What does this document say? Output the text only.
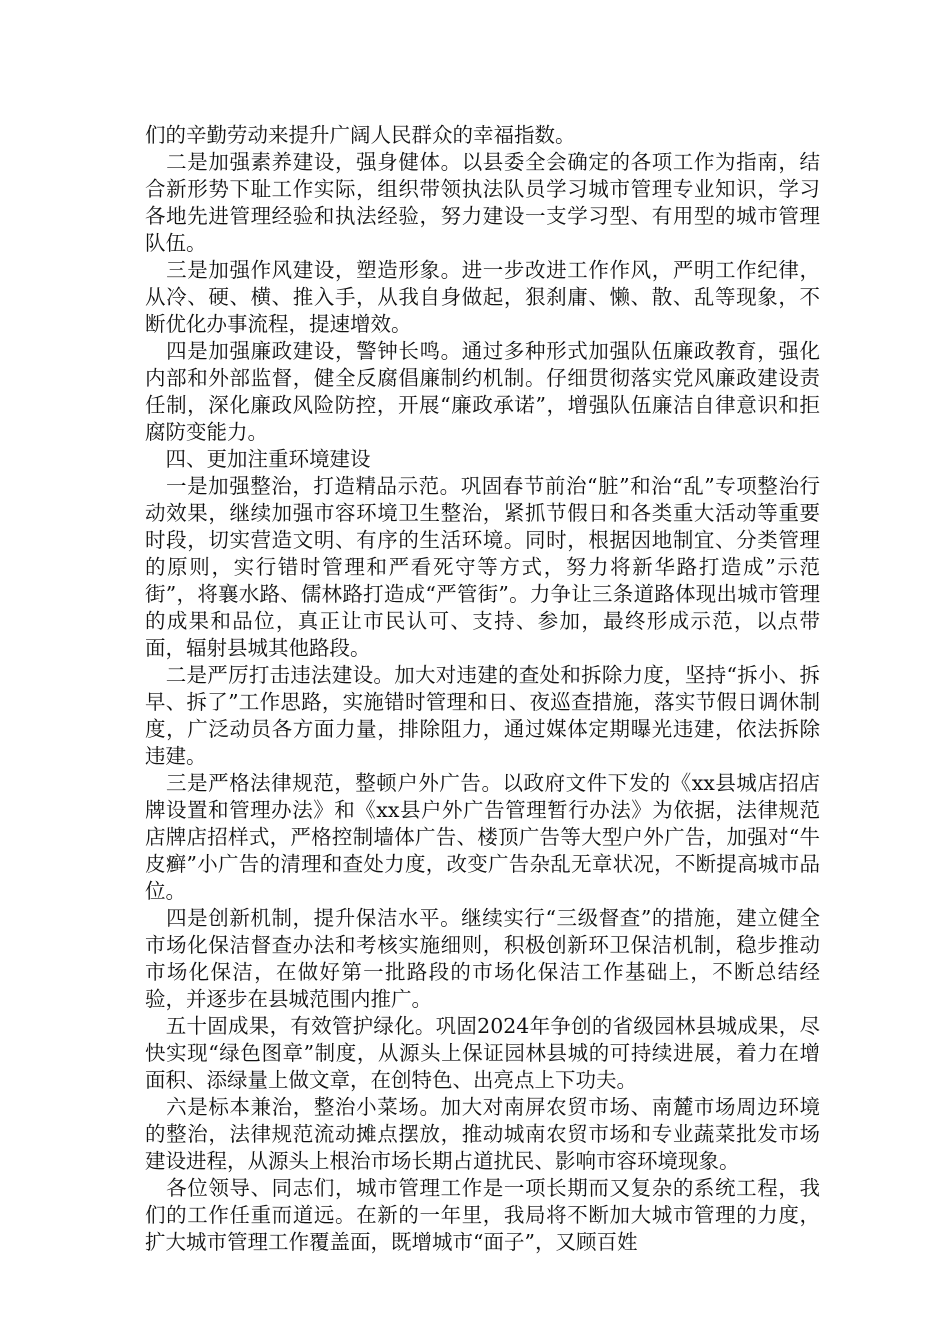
们的辛勤劳动来提升广阔人民群众的幸福指数。

　二是加强素养建设，强身健体。以县委全会确定的各项工作为指南，结合新形势下耻工作实际，组织带领执法队员学习城市管理专业知识，学习各地先进管理经验和执法经验，努力建设一支学习型、有用型的城市管理队伍。

　三是加强作风建设，塑造形象。进一步改进工作作风，严明工作纪律，从冷、硬、横、推入手，从我自身做起，狠刹庸、懒、散、乱等现象，不断优化办事流程，提速增效。

　四是加强廉政建设，警钟长鸣。通过多种形式加强队伍廉政教育，强化内部和外部监督，健全反腐倡廉制约机制。仔细贯彻落实党风廉政建设责任制，深化廉政风险防控，开展“廉政承诺”，增强队伍廉洁自律意识和拒腐防变能力。

　四、更加注重环境建设

　一是加强整治，打造精品示范。巩固春节前治“脏”和治“乱”专项整治行动效果，继续加强市容环境卫生整治，紧抓节假日和各类重大活动等重要时段，切实营造文明、有序的生活环境。同时，根据因地制宜、分类管理的原则，实行错时管理和严看死守等方式，努力将新华路打造成”示范街”，将襄水路、儒林路打造成“严管街”。力争让三条道路体现出城市管理的成果和品位，真正让市民认可、支持、参加，最终形成示范，以点带面，辐射县城其他路段。

　二是严厉打击违法建设。加大对违建的查处和拆除力度，坚持“拆小、拆早、拆了”工作思路，实施错时管理和日、夜巡查措施，落实节假日调休制度，广泛动员各方面力量，排除阻力，通过媒体定期曝光违建，依法拆除违建。

　三是严格法律规范，整顿户外广告。以政府文件下发的《xx县城店招店牌设置和管理办法》和《xx县户外广告管理暂行办法》为依据，法律规范店牌店招样式，严格控制墙体广告、楼顶广告等大型户外广告，加强对“牛皮癣”小广告的清理和查处力度，改变广告杂乱无章状况，不断提高城市品位。

　四是创新机制，提升保洁水平。继续实行“三级督查”的措施，建立健全市场化保洁督查办法和考核实施细则，积极创新环卫保洁机制，稳步推动市场化保洁，在做好第一批路段的市场化保洁工作基础上，不断总结经验，并逐步在县城范围内推广。

　五十固成果，有效管护绿化。巩固2024年争创的省级园林县城成果，尽快实现“绿色图章”制度，从源头上保证园林县城的可持续进展，着力在增面积、添绿量上做文章，在创特色、出亮点上下功夫。

　六是标本兼治，整治小菜场。加大对南屏农贸市场、南麓市场周边环境的整治，法律规范流动摊点摆放，推动城南农贸市场和专业蔬菜批发市场建设进程，从源头上根治市场长期占道扰民、影响市容环境现象。

　各位领导、同志们，城市管理工作是一项长期而又复杂的系统工程，我们的工作任重而道远。在新的一年里，我局将不断加大城市管理的力度，扩大城市管理工作覆盖面，既增城市“面子”，又顾百姓
